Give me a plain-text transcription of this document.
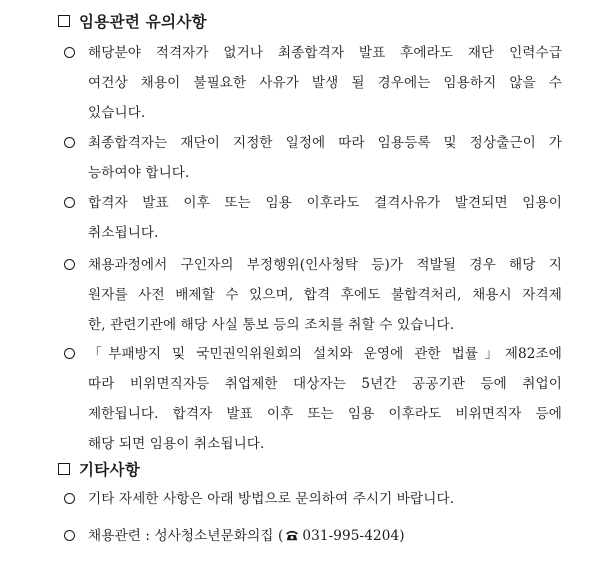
임용관련 유의사항
해당분야 적격자가 없거나 최종합격자 발표 후에라도 재단 인력수급
여건상 채용이 불필요한 사유가 발생 될 경우에는 임용하지 않을 수
있습니다.
최종합격자는 재단이 지정한 일정에 따라 임용등록 및 정상출근이 가
능하여야 합니다.
합격자 발표 이후 또는 임용 이후라도 결격사유가 발견되면 임용이
취소됩니다.
채용과정에서 구인자의 부정행위(인사청탁 등)가 적발될 경우 해당 지
원자를 사전 배제할 수 있으며, 합격 후에도 불합격처리, 채용시 자격제
한, 관련기관에 해당 사실 통보 등의 조치를 취할 수 있습니다.
「부패방지 및 국민권익위원회의 설치와 운영에 관한 법률」제82조에
따라 비위면직자등 취업제한 대상자는 5년간 공공기관 등에 취업이
제한됩니다. 합격자 발표 이후 또는 임용 이후라도 비위면직자 등에
해당 되면 임용이 취소됩니다.
기타사항
기타 자세한 사항은 아래 방법으로 문의하여 주시기 바랍니다.
채용관련 : 성사청소년문화의집 ( 031-995-4204)
